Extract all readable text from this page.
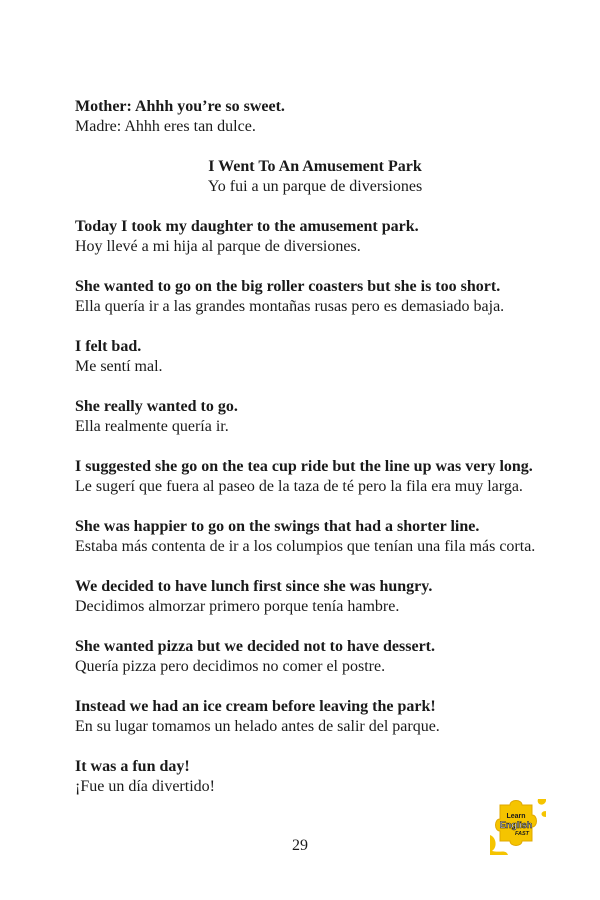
Mother: Ahhh you’re so sweet.

Madre: Ahhh eres tan dulce.

I Went To An Amusement Park

Yo fui a un parque de diversiones

Today I took my daughter to the amusement park.

Hoy llevé a mi hija al parque de diversiones.

She wanted to go on the big roller coasters but she is too short.

Ella quería ir a las grandes montañas rusas pero es demasiado baja.

I felt bad.

Me sentí mal.

She really wanted to go.

Ella realmente quería ir.

I suggested she go on the tea cup ride but the line up was very long.

Le sugerí que fuera al paseo de la taza de té pero la fila era muy larga.

She was happier to go on the swings that had a shorter line.

Estaba más contenta de ir a los columpios que tenían una fila más corta.

We decided to have lunch first since she was hungry.

Decidimos almorzar primero porque tenía hambre.

She wanted pizza but we decided not to have dessert.

Quería pizza pero decidimos no comer el postre.

Instead we had an ice cream before leaving the park!

En su lugar tomamos un helado antes de salir del parque.

It was a fun day!

¡Fue un día divertido!

Learn
English
FAST
29
